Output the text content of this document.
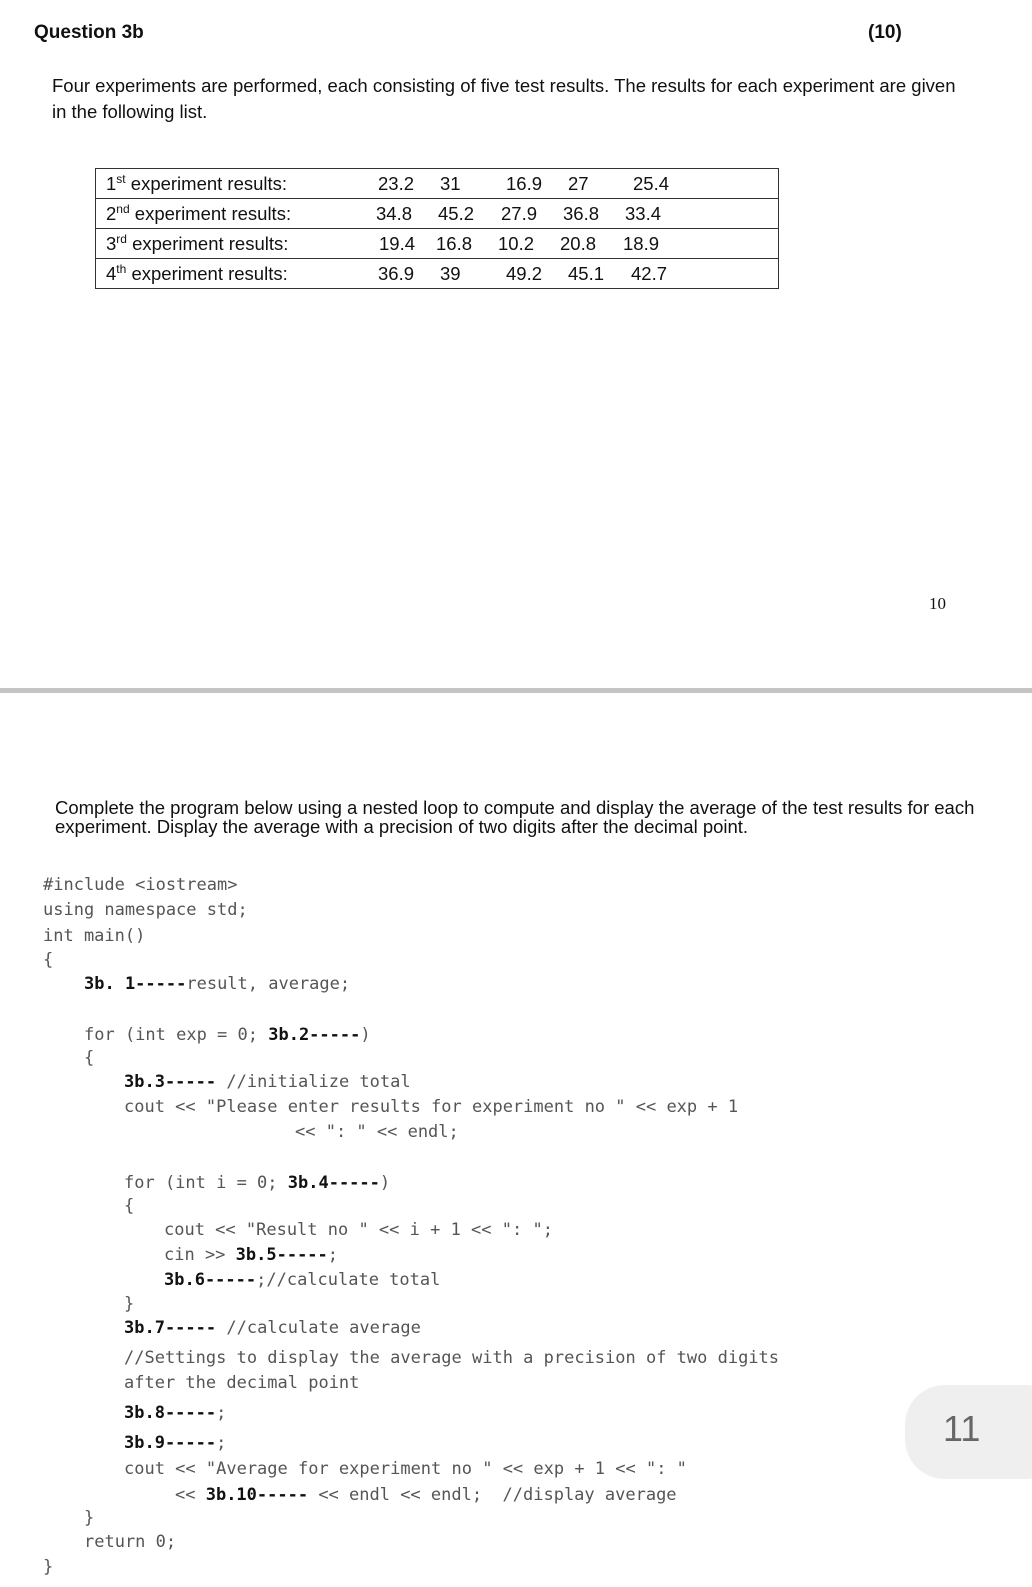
Question 3b	(10)
Four experiments are performed, each consisting of five test results. The results for each experiment are given in the following list.
1st experiment results:	23.2 31 16.9 27 25.4

2nd experiment results:	34.8 45.2 27.9 36.8 33.4

3rd experiment results:	19.4 16.8 10.2 20.8 18.9

4th experiment results:	36.9 39 49.2 45.1 42.7
10
Complete the program below using a nested loop to compute and display the average of the test results for each experiment. Display the average with a precision of two digits after the decimal point.
#include <iostream>
using namespace std;
int main()
{
3b. 1-----result, average;
for (int exp = 0; 3b.2-----)
{
3b.3----- //initialize total
cout << "Please enter results for experiment no " << exp + 1
<< ": " << endl;
for (int i = 0; 3b.4-----)
{
cout << "Result no " << i + 1 << ": ";
cin >> 3b.5-----;
3b.6-----;//calculate total
}
3b.7----- //calculate average
//Settings to display the average with a precision of two digits
after the decimal point
3b.8-----;
3b.9-----;
cout << "Average for experiment no " << exp + 1 << ": "
<< 3b.10----- << endl << endl;  //display average
}
return 0;
}
11
